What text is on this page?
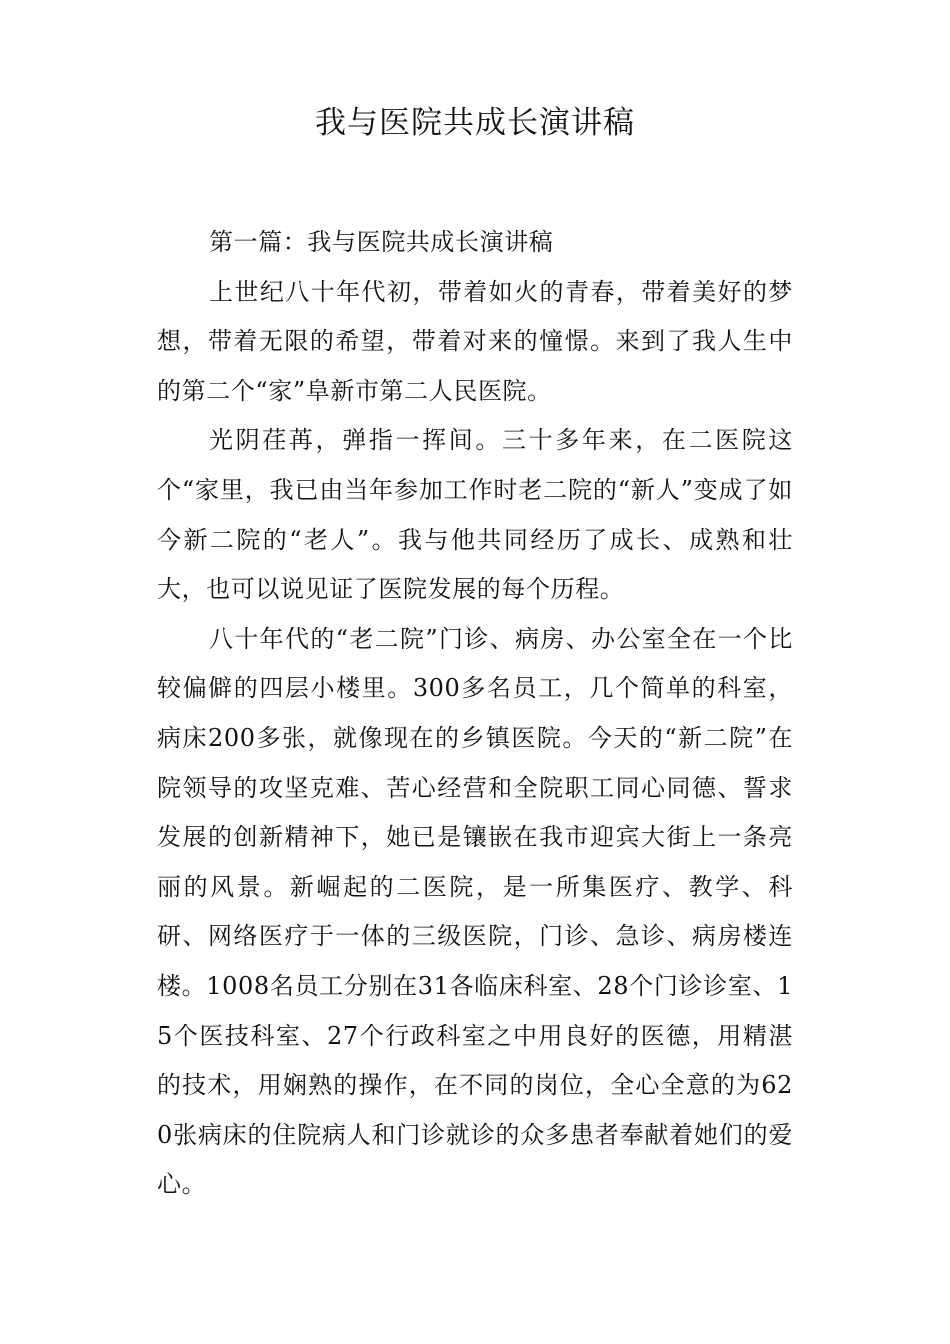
我与医院共成长演讲稿

第一篇：我与医院共成长演讲稿

上世纪八十年代初，带着如火的青春，带着美好的梦想，带着无限的希望，带着对来的憧憬。来到了我人生中的第二个“家”阜新市第二人民医院。

光阴荏苒，弹指一挥间。三十多年来，在二医院这个“家里，我已由当年参加工作时老二院的“新人”变成了如今新二院的“老人”。我与他共同经历了成长、成熟和壮大，也可以说见证了医院发展的每个历程。

八十年代的“老二院”门诊、病房、办公室全在一个比较偏僻的四层小楼里。300多名员工，几个简单的科室，病床200多张，就像现在的乡镇医院。今天的“新二院”在院领导的攻坚克难、苦心经营和全院职工同心同德、誓求发展的创新精神下，她已是镶嵌在我市迎宾大街上一条亮丽的风景。新崛起的二医院，是一所集医疗、教学、科研、网络医疗于一体的三级医院，门诊、急诊、病房楼连楼。1008名员工分别在31各临床科室、28个门诊诊室、15个医技科室、27个行政科室之中用良好的医德，用精湛的技术，用娴熟的操作，在不同的岗位，全心全意的为620张病床的住院病人和门诊就诊的众多患者奉献着她们的爱心。
